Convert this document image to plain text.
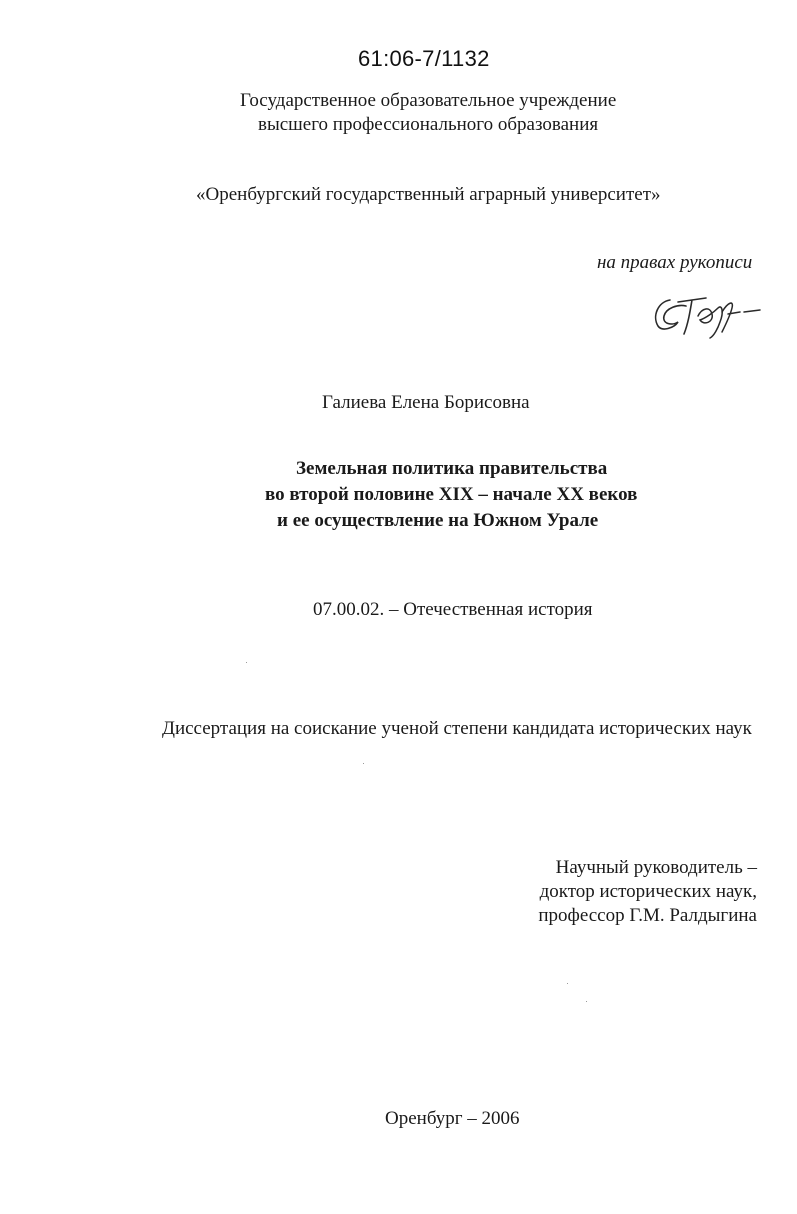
61:06-7/1132
Государственное образовательное учреждение
высшего профессионального образования
«Оренбургский государственный аграрный университет»
на правах рукописи
Галиева Елена Борисовна
Земельная политика правительства
во второй половине XIX – начале XX веков
и ее осуществление на Южном Урале
07.00.02. – Отечественная история
Диссертация на соискание ученой степени кандидата исторических наук
Научный руководитель –
доктор исторических наук,
профессор Г.М. Ралдыгина
Оренбург – 2006
